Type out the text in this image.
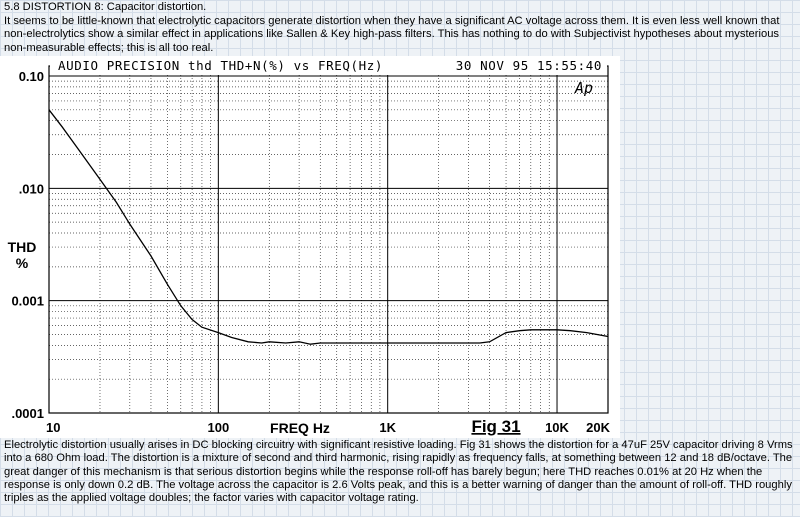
5.8 DISTORTION 8: Capacitor distortion.
It seems to be little-known that electrolytic capacitors generate distortion when they have a significant AC voltage across them. It is even less well known that non-electrolytics show a similar effect in applications like Sallen & Key high-pass filters. This has nothing to do with Subjectivist hypotheses about mysterious non-measurable effects; this is all too real.
AUDIO PRECISION thd THD+N(%) vs FREQ(Hz)	30 NOV 95 15:55:40
Ap
0.10
.010
0.001
.0001
10	100	1K	10K 20K
THD
%
FREQ Hz	Fig 31
Electrolytic distortion usually arises in DC blocking circuitry with significant resistive loading. Fig 31 shows the distortion for a 47uF 25V capacitor driving 8 Vrms into a 680 Ohm load. The distortion is a mixture of second and third harmonic, rising rapidly as frequency falls, at something between 12 and 18 dB/octave. The great danger of this mechanism is that serious distortion begins while the response roll-off has barely begun; here THD reaches 0.01% at 20 Hz when the response is only down 0.2 dB. The voltage across the capacitor is 2.6 Volts peak, and this is a better warning of danger than the amount of roll-off. THD roughly triples as the applied voltage doubles; the factor varies with capacitor voltage rating.
